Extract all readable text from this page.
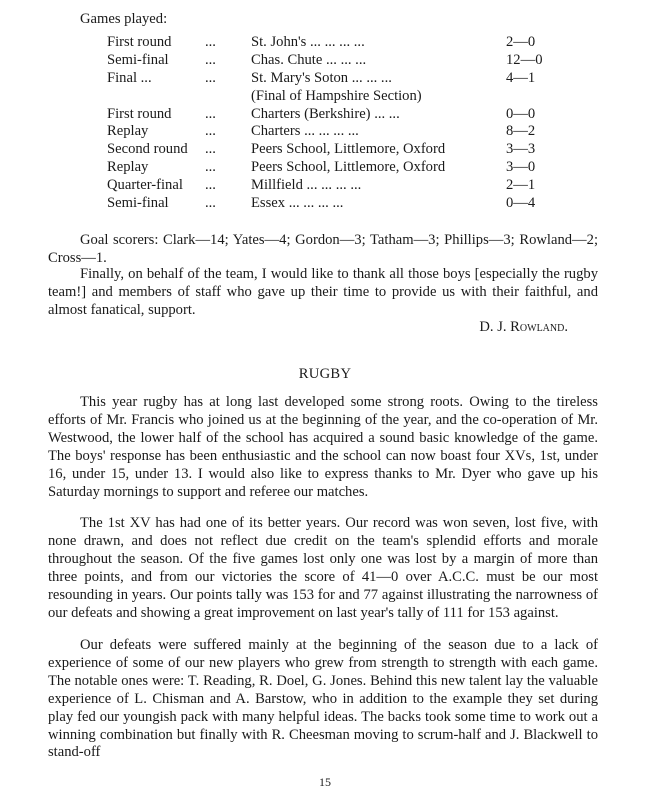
Games played:
First round ... St. John's ... ... ... ...	2—0
Semi-final ... Chas. Chute ... ... ...	12—0
Final ...	... St. Mary's Soton ... ... ...	4—1
(Final of Hampshire Section)
First round ... Charters (Berkshire) ... ...	0—0
Replay	... Charters ... ... ... ...	8—2
Second round ... Peers School, Littlemore, Oxford	3—3
Replay	... Peers School, Littlemore, Oxford	3—0
Quarter-final ... Millfield ... ... ... ...	2—1
Semi-final ... Essex ... ... ... ...	0—4

Goal scorers: Clark—14; Yates—4; Gordon—3; Tatham—3; Phillips—3; Rowland—2; Cross—1.

Finally, on behalf of the team, I would like to thank all those boys [especially the rugby team!] and members of staff who gave up their time to provide us with their faithful, and almost fanatical, support.

D. J. Rowland.
RUGBY

This year rugby has at long last developed some strong roots. Owing to the tireless efforts of Mr. Francis who joined us at the beginning of the year, and the co-operation of Mr. Westwood, the lower half of the school has acquired a sound basic knowledge of the game. The boys' response has been enthusiastic and the school can now boast four XVs, 1st, under 16, under 15, under 13. I would also like to express thanks to Mr. Dyer who gave up his Saturday mornings to support and referee our matches.

The 1st XV has had one of its better years. Our record was won seven, lost five, with none drawn, and does not reflect due credit on the team's splendid efforts and morale throughout the season. Of the five games lost only one was lost by a margin of more than three points, and from our victories the score of 41—0 over A.C.C. must be our most resounding in years. Our points tally was 153 for and 77 against illustrating the narrowness of our defeats and showing a great improvement on last year's tally of 111 for 153 against.

Our defeats were suffered mainly at the beginning of the season due to a lack of experience of some of our new players who grew from strength to strength with each game. The notable ones were: T. Reading, R. Doel, G. Jones. Behind this new talent lay the valuable experience of L. Chisman and A. Barstow, who in addition to the example they set during play fed our youngish pack with many helpful ideas. The backs took some time to work out a winning combination but finally with R. Cheesman moving to scrum-half and J. Blackwell to stand-off

15
